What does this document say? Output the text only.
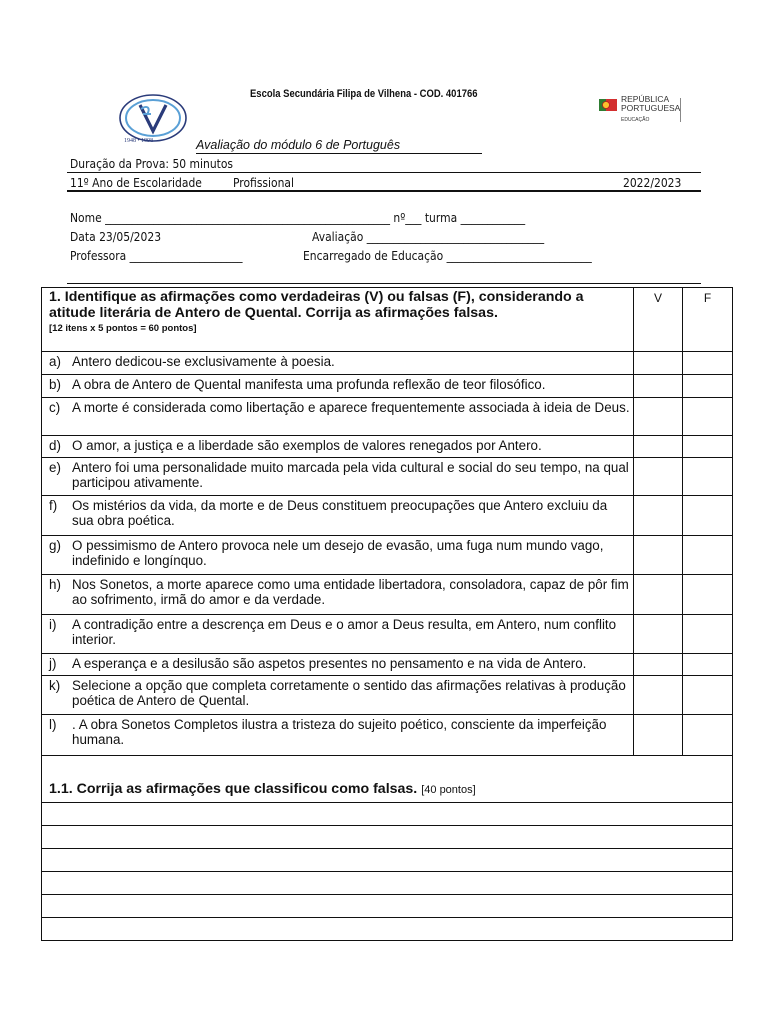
Escola Secundária Filipa de Vilhena - COD. 401766
1948 • 1998
REPÚBLICA
PORTUGUESA
EDUCAÇÃO
Avaliação do módulo 6 de Português
Duração da Prova: 50 minutos
11º Ano de Escolaridade Profissional	2022/2023
Nome _____________________________________________________ nº___ turma ____________
Data 23/05/2023	Avaliação _________________________________
Professora _____________________	Encarregado de Educação ___________________________
1. Identifique as afirmações como verdadeiras (V) ou falsas (F), considerando a atitude literária de Antero de Quental. Corrija as afirmações falsas.
[12 itens x 5 pontos = 60 pontos]	V	F

a) Antero dedicou-se exclusivamente à poesia.		

b) A obra de Antero de Quental manifesta uma profunda reflexão de teor filosófico.		

c) A morte é considerada como libertação e aparece frequentemente associada à ideia de Deus.		

d) O amor, a justiça e a liberdade são exemplos de valores renegados por Antero.		

e) Antero foi uma personalidade muito marcada pela vida cultural e social do seu tempo, na qual participou ativamente.		

f) Os mistérios da vida, da morte e de Deus constituem preocupações que Antero excluiu da sua obra poética.		

g) O pessimismo de Antero provoca nele um desejo de evasão, uma fuga num mundo vago, indefinido e longínquo.		

h) Nos Sonetos, a morte aparece como uma entidade libertadora, consoladora, capaz de pôr fim ao sofrimento, irmã do amor e da verdade.		

i) A contradição entre a descrença em Deus e o amor a Deus resulta, em Antero, num conflito interior.		

j) A esperança e a desilusão são aspetos presentes no pensamento e na vida de Antero.		

k) Selecione a opção que completa corretamente o sentido das afirmações relativas à produção poética de Antero de Quental.		

l) . A obra Sonetos Completos ilustra a tristeza do sujeito poético, consciente da imperfeição humana.		

1.1. Corrija as afirmações que classificou como falsas. [40 pontos]		
